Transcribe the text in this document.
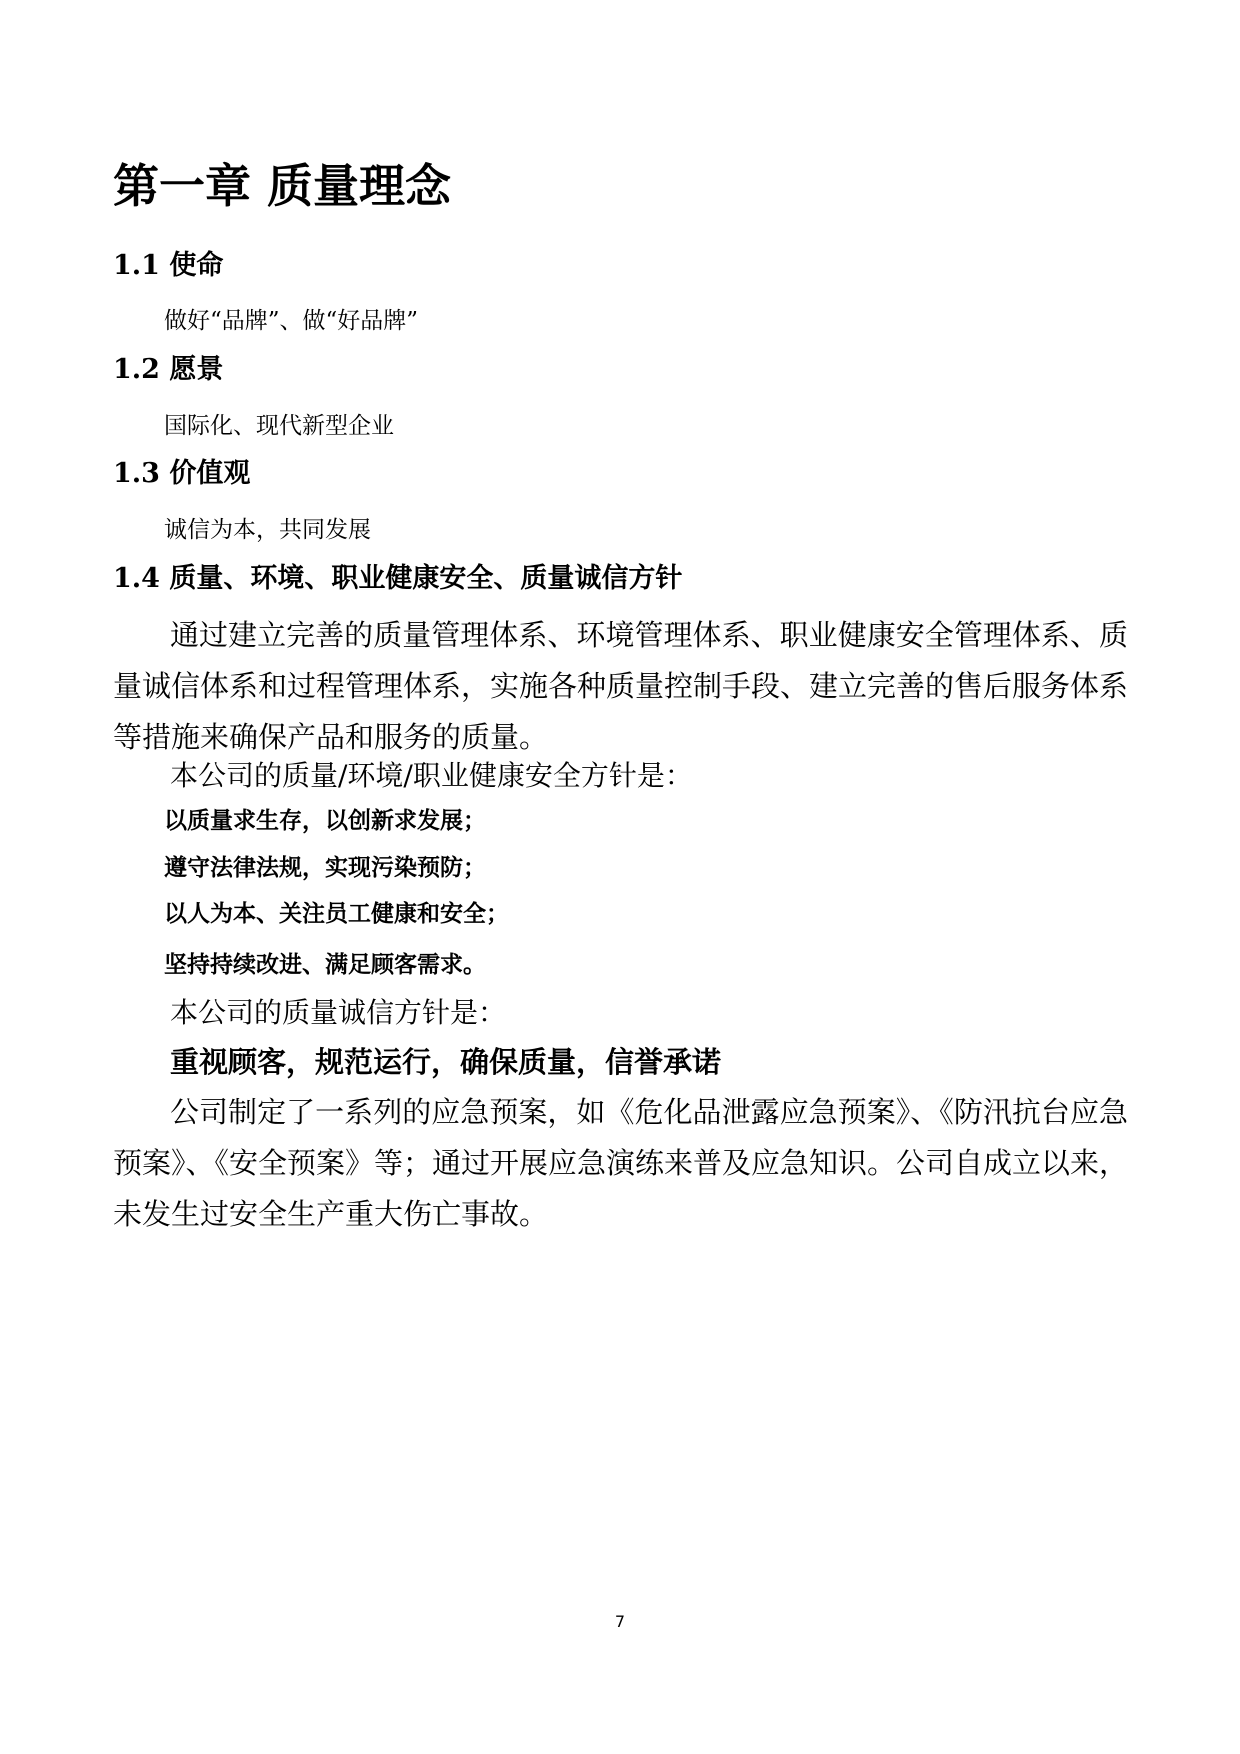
第一章 质量理念
1.1 使命
做好“品牌”、做“好品牌”
1.2 愿景
国际化、现代新型企业
1.3 价值观
诚信为本，共同发展
1.4 质量、环境、职业健康安全、质量诚信方针
通过建立完善的质量管理体系、环境管理体系、职业健康安全管理体系、质量诚信体系和过程管理体系，实施各种质量控制手段、建立完善的售后服务体系等措施来确保产品和服务的质量。
本公司的质量/环境/职业健康安全方针是：
以质量求生存，以创新求发展；
遵守法律法规，实现污染预防；
以人为本、关注员工健康和安全；
坚持持续改进、满足顾客需求。
本公司的质量诚信方针是：
重视顾客，规范运行，确保质量，信誉承诺
公司制定了一系列的应急预案，如《危化品泄露应急预案》、《防汛抗台应急预案》、《安全预案》等；通过开展应急演练来普及应急知识。公司自成立以来，未发生过安全生产重大伤亡事故。
7
